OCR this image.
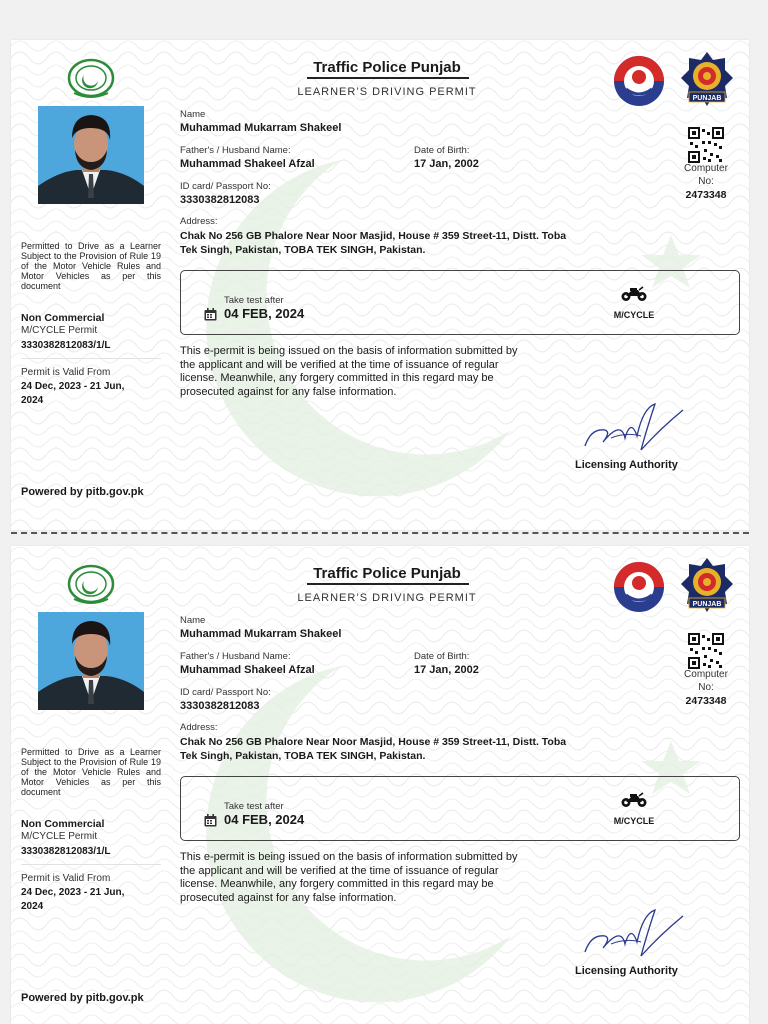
Traffic Police Punjab
LEARNER’S DRIVING PERMIT
Permitted to Drive as a Learner Subject to the Provision of Rule 19 of the Motor Vehicle Rules and Motor Vehicles as per this document
Non Commercial
M/CYCLE Permit
3330382812083/1/L
Permit is Valid From
24 Dec, 2023 - 21 Jun,
2024
Name
Muhammad Mukarram Shakeel
Father's / Husband Name:
Muhammad Shakeel Afzal
Date of Birth:
17 Jan, 2002
ID card/ Passport No:
3330382812083
Address:
Chak No 256 GB Phalore Near Noor Masjid, House # 359 Street-11, Distt. Toba
Tek Singh, Pakistan, TOBA TEK SINGH, Pakistan.
PUNJAB
Computer
No:
2473348
Take test after
04 FEB, 2024	M/CYCLE
This e-permit is being issued on the basis of information submitted by the applicant and will be verified at the time of issuance of regular license. Meanwhile, any forgery committed in this regard may be prosecuted against for any false information.
Licensing Authority
Powered by pitb.gov.pk
Traffic Police Punjab
LEARNER’S DRIVING PERMIT
Permitted to Drive as a Learner Subject to the Provision of Rule 19 of the Motor Vehicle Rules and Motor Vehicles as per this document
Non Commercial
M/CYCLE Permit
3330382812083/1/L
Permit is Valid From
24 Dec, 2023 - 21 Jun,
2024
Name
Muhammad Mukarram Shakeel
Father's / Husband Name:
Muhammad Shakeel Afzal
Date of Birth:
17 Jan, 2002
ID card/ Passport No:
3330382812083
Address:
Chak No 256 GB Phalore Near Noor Masjid, House # 359 Street-11, Distt. Toba
Tek Singh, Pakistan, TOBA TEK SINGH, Pakistan.
PUNJAB
Computer
No:
2473348
Take test after
04 FEB, 2024	M/CYCLE
This e-permit is being issued on the basis of information submitted by the applicant and will be verified at the time of issuance of regular license. Meanwhile, any forgery committed in this regard may be prosecuted against for any false information.
Licensing Authority
Powered by pitb.gov.pk
